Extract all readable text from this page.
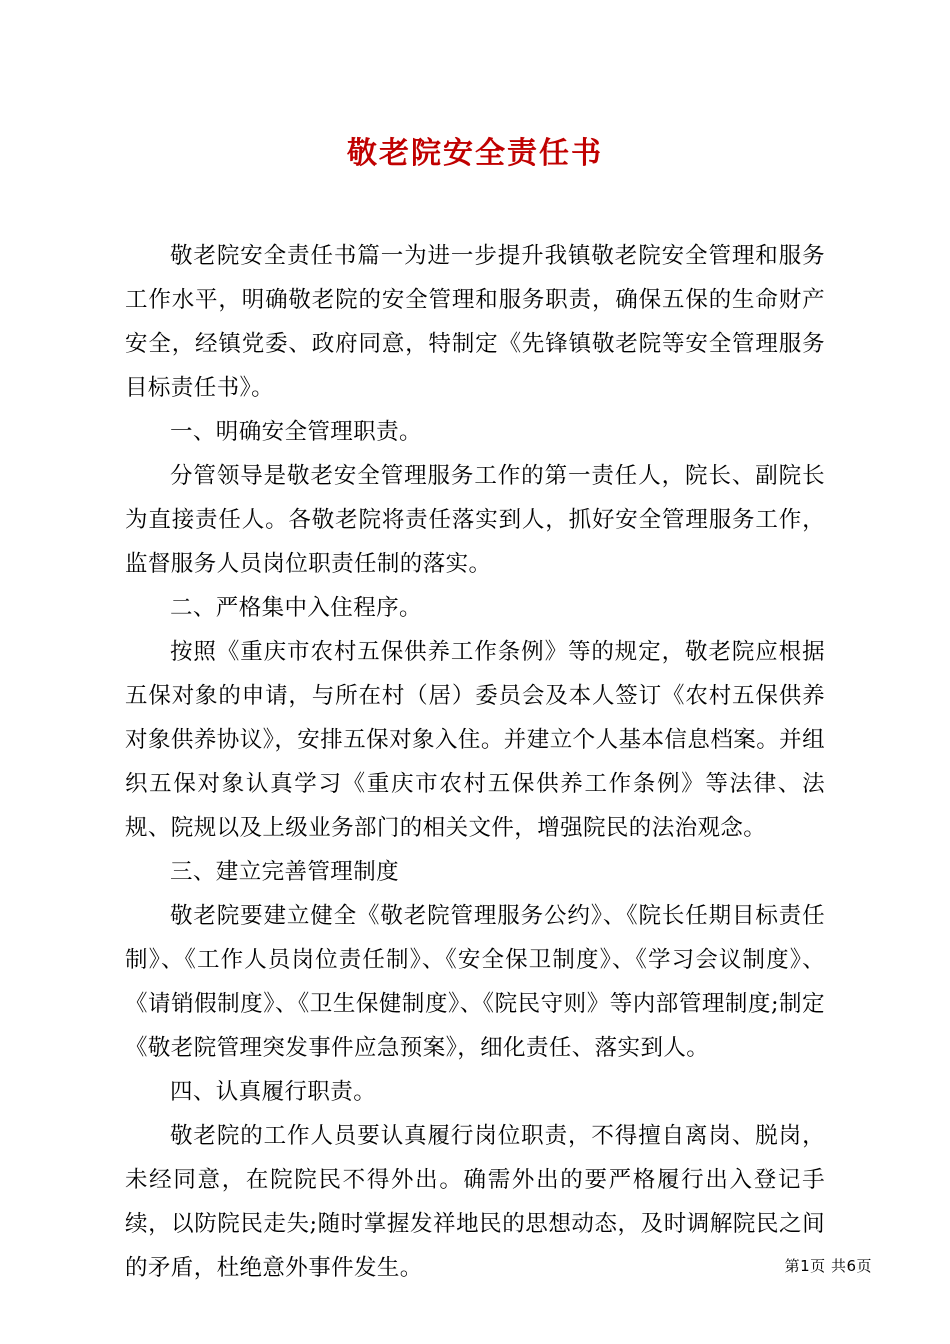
敬老院安全责任书

敬老院安全责任书篇一为进一步提升我镇敬老院安全管理和服务工作水平，明确敬老院的安全管理和服务职责，确保五保的生命财产安全，经镇党委、政府同意，特制定《先锋镇敬老院等安全管理服务目标责任书》。

一、明确安全管理职责。

分管领导是敬老安全管理服务工作的第一责任人，院长、副院长为直接责任人。各敬老院将责任落实到人，抓好安全管理服务工作，监督服务人员岗位职责任制的落实。

二、严格集中入住程序。

按照《重庆市农村五保供养工作条例》等的规定，敬老院应根据五保对象的申请，与所在村（居）委员会及本人签订《农村五保供养对象供养协议》，安排五保对象入住。并建立个人基本信息档案。并组织五保对象认真学习《重庆市农村五保供养工作条例》等法律、法规、院规以及上级业务部门的相关文件，增强院民的法治观念。

三、建立完善管理制度

敬老院要建立健全《敬老院管理服务公约》、《院长任期目标责任制》、《工作人员岗位责任制》、《安全保卫制度》、《学习会议制度》、《请销假制度》、《卫生保健制度》、《院民守则》等内部管理制度;制定《敬老院管理突发事件应急预案》，细化责任、落实到人。

四、认真履行职责。

敬老院的工作人员要认真履行岗位职责，不得擅自离岗、脱岗，未经同意，在院院民不得外出。确需外出的要严格履行出入登记手续，以防院民走失;随时掌握发祥地民的思想动态，及时调解院民之间的矛盾，杜绝意外事件发生。	第1页 共6页
